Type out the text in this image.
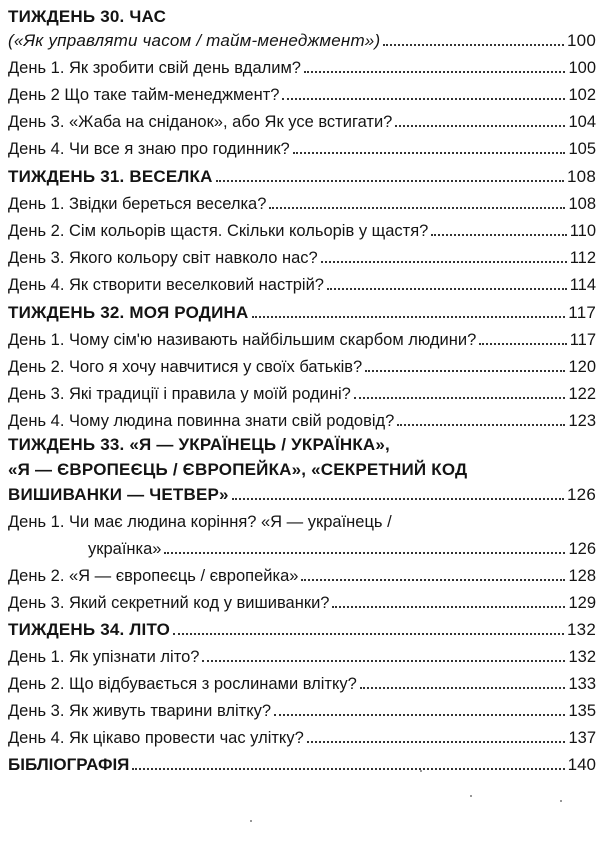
ТИЖДЕНЬ 30. ЧАС
(«Як управляти часом / тайм-менеджмент»)	100
День 1. Як зробити свій день вдалим?	100
День 2 Що таке тайм-менеджмент?	102
День 3. «Жаба на сніданок», або Як усе встигати?	104
День 4. Чи все я знаю про годинник?	105
ТИЖДЕНЬ 31. ВЕСЕЛКА	108
День 1. Звідки береться веселка?	108
День 2. Сім кольорів щастя. Скільки кольорів у щастя?	110
День 3. Якого кольору світ навколо нас?	112
День 4. Як створити веселковий настрій?	114
ТИЖДЕНЬ 32. МОЯ РОДИНА	117
День 1. Чому сім'ю називають найбільшим скарбом людини?	117
День 2. Чого я хочу навчитися у своїх батьків?	120
День 3. Які традиції і правила у моїй родині?	122
День 4. Чому людина повинна знати свій родовід?	123
ТИЖДЕНЬ 33. «Я — УКРАЇНЕЦЬ / УКРАЇНКА»,
«Я — ЄВРОПЕЄЦЬ / ЄВРОПЕЙКА», «СЕКРЕТНИЙ КОД
ВИШИВАНКИ — ЧЕТВЕР»	126
День 1. Чи має людина коріння? «Я — українець /
українка»	126
День 2. «Я — європеєць / європейка»	128
День 3. Який секретний код у вишиванки?	129
ТИЖДЕНЬ 34. ЛІТО	132
День 1. Як упізнати літо?	132
День 2. Що відбувається з рослинами влітку?	133
День 3. Як живуть тварини влітку?	135
День 4. Як цікаво провести час улітку?	137
БІБЛІОГРАФІЯ	140
